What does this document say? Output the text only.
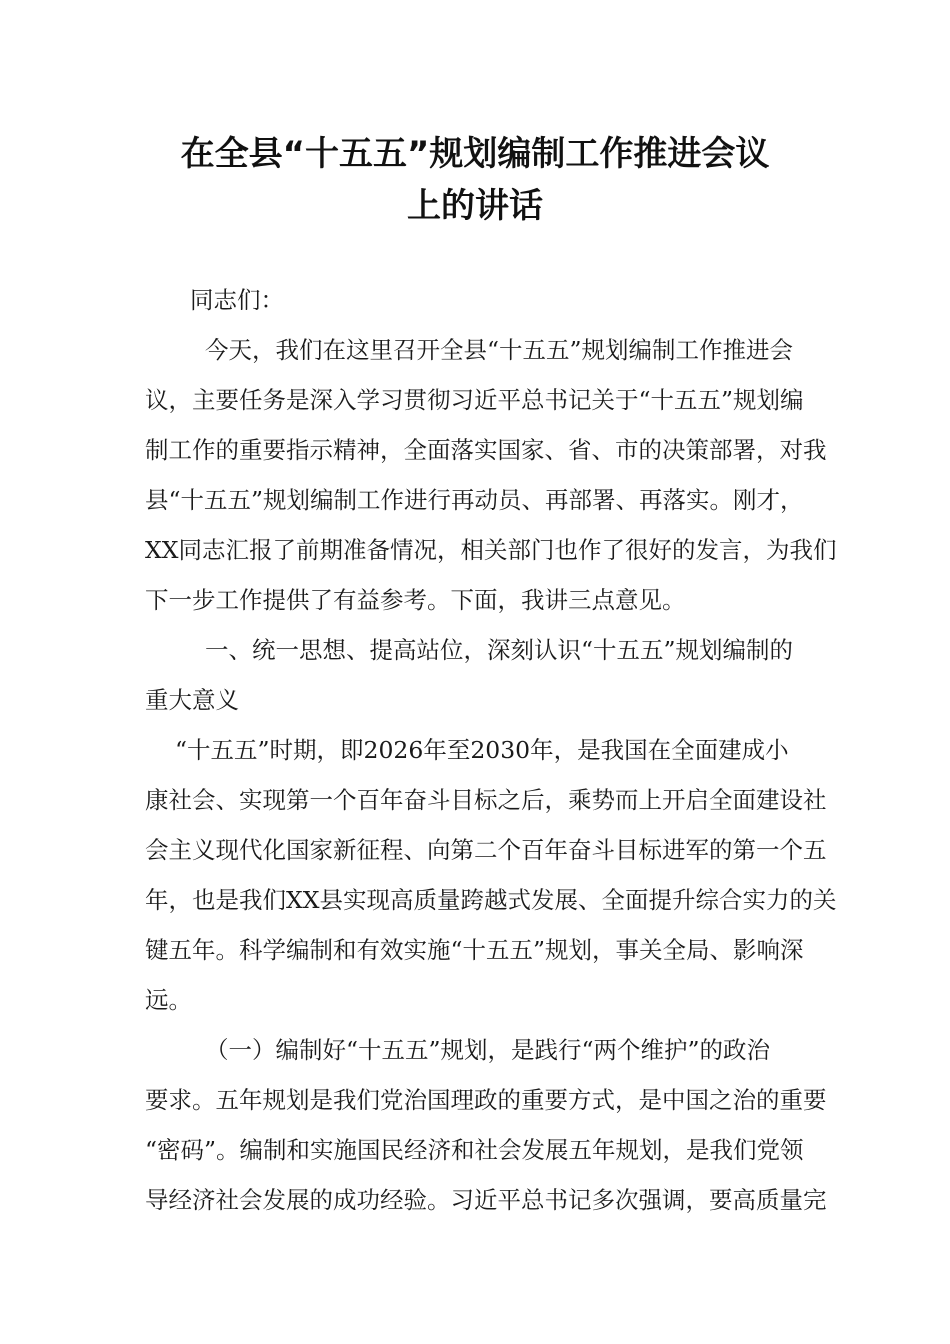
在全县“十五五”规划编制工作推进会议
上的讲话
同志们：
今天，我们在这里召开全县“十五五”规划编制工作推进会
议，主要任务是深入学习贯彻习近平总书记关于“十五五”规划编
制工作的重要指示精神，全面落实国家、省、市的决策部署，对我
县“十五五”规划编制工作进行再动员、再部署、再落实。刚才，
XX同志汇报了前期准备情况，相关部门也作了很好的发言，为我们
下一步工作提供了有益参考。下面，我讲三点意见。
一、统一思想、提高站位，深刻认识“十五五”规划编制的
重大意义
“十五五”时期，即2026年至2030年，是我国在全面建成小
康社会、实现第一个百年奋斗目标之后，乘势而上开启全面建设社
会主义现代化国家新征程、向第二个百年奋斗目标进军的第一个五
年，也是我们XX县实现高质量跨越式发展、全面提升综合实力的关
键五年。科学编制和有效实施“十五五”规划，事关全局、影响深
远。
（一）编制好“十五五”规划，是践行“两个维护”的政治
要求。五年规划是我们党治国理政的重要方式，是中国之治的重要
“密码”。编制和实施国民经济和社会发展五年规划，是我们党领
导经济社会发展的成功经验。习近平总书记多次强调，要高质量完
